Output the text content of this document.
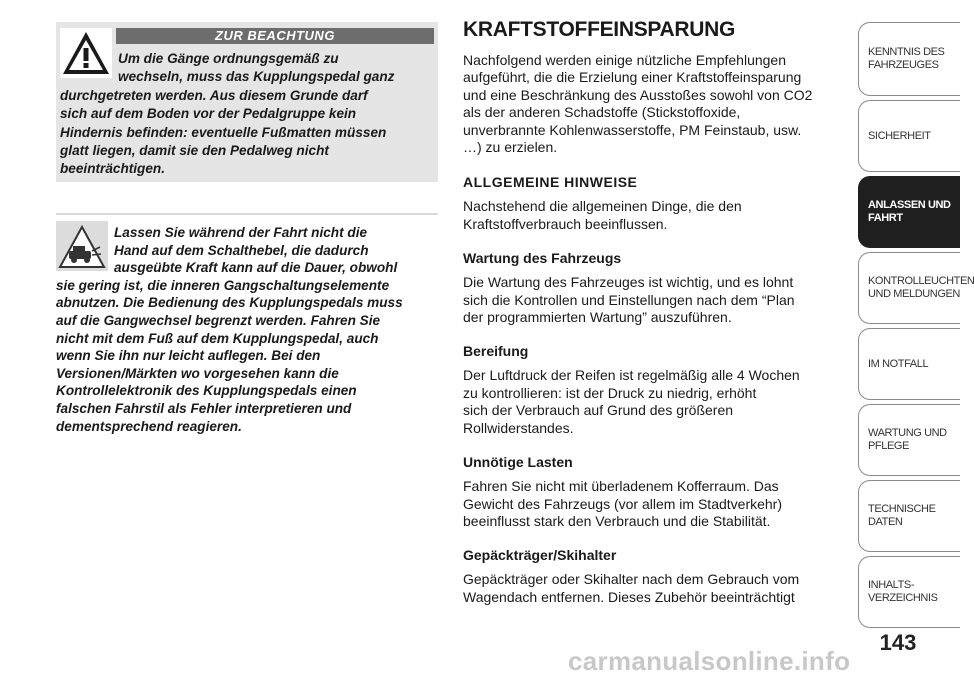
ZUR BEACHTUNG
Um die Gänge ordnungsgemäß zu
wechseln, muss das Kupplungspedal ganz
durchgetreten werden. Aus diesem Grunde darf
sich auf dem Boden vor der Pedalgruppe kein
Hindernis befinden: eventuelle Fußmatten müssen
glatt liegen, damit sie den Pedalweg nicht
beeinträchtigen.
Lassen Sie während der Fahrt nicht die
Hand auf dem Schalthebel, die dadurch
ausgeübte Kraft kann auf die Dauer, obwohl
sie gering ist, die inneren Gangschaltungselemente
abnutzen. Die Bedienung des Kupplungspedals muss
auf die Gangwechsel begrenzt werden. Fahren Sie
nicht mit dem Fuß auf dem Kupplungspedal, auch
wenn Sie ihn nur leicht auflegen. Bei den
Versionen/Märkten wo vorgesehen kann die
Kontrollelektronik des Kupplungspedals einen
falschen Fahrstil als Fehler interpretieren und
dementsprechend reagieren.
KRAFTSTOFFEINSPARUNG
Nachfolgend werden einige nützliche Empfehlungen
aufgeführt, die die Erzielung einer Kraftstoffeinsparung
und eine Beschränkung des Ausstoßes sowohl von CO2
als der anderen Schadstoffe (Stickstoffoxide,
unverbrannte Kohlenwasserstoffe, PM Feinstaub, usw.
…) zu erzielen.
ALLGEMEINE HINWEISE
Nachstehend die allgemeinen Dinge, die den
Kraftstoffverbrauch beeinflussen.
Wartung des Fahrzeugs
Die Wartung des Fahrzeuges ist wichtig, und es lohnt
sich die Kontrollen und Einstellungen nach dem “Plan
der programmierten Wartung” auszuführen.
Bereifung
Der Luftdruck der Reifen ist regelmäßig alle 4 Wochen
zu kontrollieren: ist der Druck zu niedrig, erhöht
sich der Verbrauch auf Grund des größeren
Rollwiderstandes.
Unnötige Lasten
Fahren Sie nicht mit überladenem Kofferraum. Das
Gewicht des Fahrzeugs (vor allem im Stadtverkehr)
beeinflusst stark den Verbrauch und die Stabilität.
Gepäckträger/Skihalter
Gepäckträger oder Skihalter nach dem Gebrauch vom
Wagendach entfernen. Dieses Zubehör beeinträchtigt
KENNTNIS DES
FAHRZEUGES
SICHERHEIT
ANLASSEN UND
FAHRT
KONTROLLEUCHTEN
UND MELDUNGEN
IM NOTFALL
WARTUNG UND
PFLEGE
TECHNISCHE DATEN
INHALTS-
VERZEICHNIS
143
carmanualsonline.info
